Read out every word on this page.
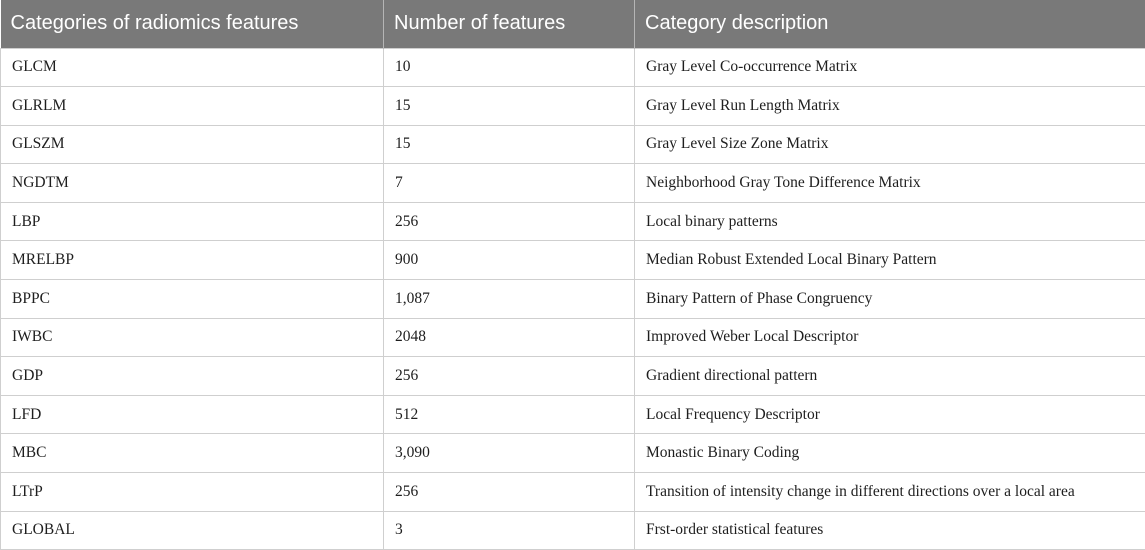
Categories of radiomics features	Number of features	Category description
GLCM	10	Gray Level Co-occurrence Matrix
GLRLM	15	Gray Level Run Length Matrix
GLSZM	15	Gray Level Size Zone Matrix
NGDTM	7	Neighborhood Gray Tone Difference Matrix
LBP	256	Local binary patterns
MRELBP	900	Median Robust Extended Local Binary Pattern
BPPC	1,087	Binary Pattern of Phase Congruency
IWBC	2048	Improved Weber Local Descriptor
GDP	256	Gradient directional pattern
LFD	512	Local Frequency Descriptor
MBC	3,090	Monastic Binary Coding
LTrP	256	Transition of intensity change in different directions over a local area
GLOBAL	3	Frst-order statistical features
